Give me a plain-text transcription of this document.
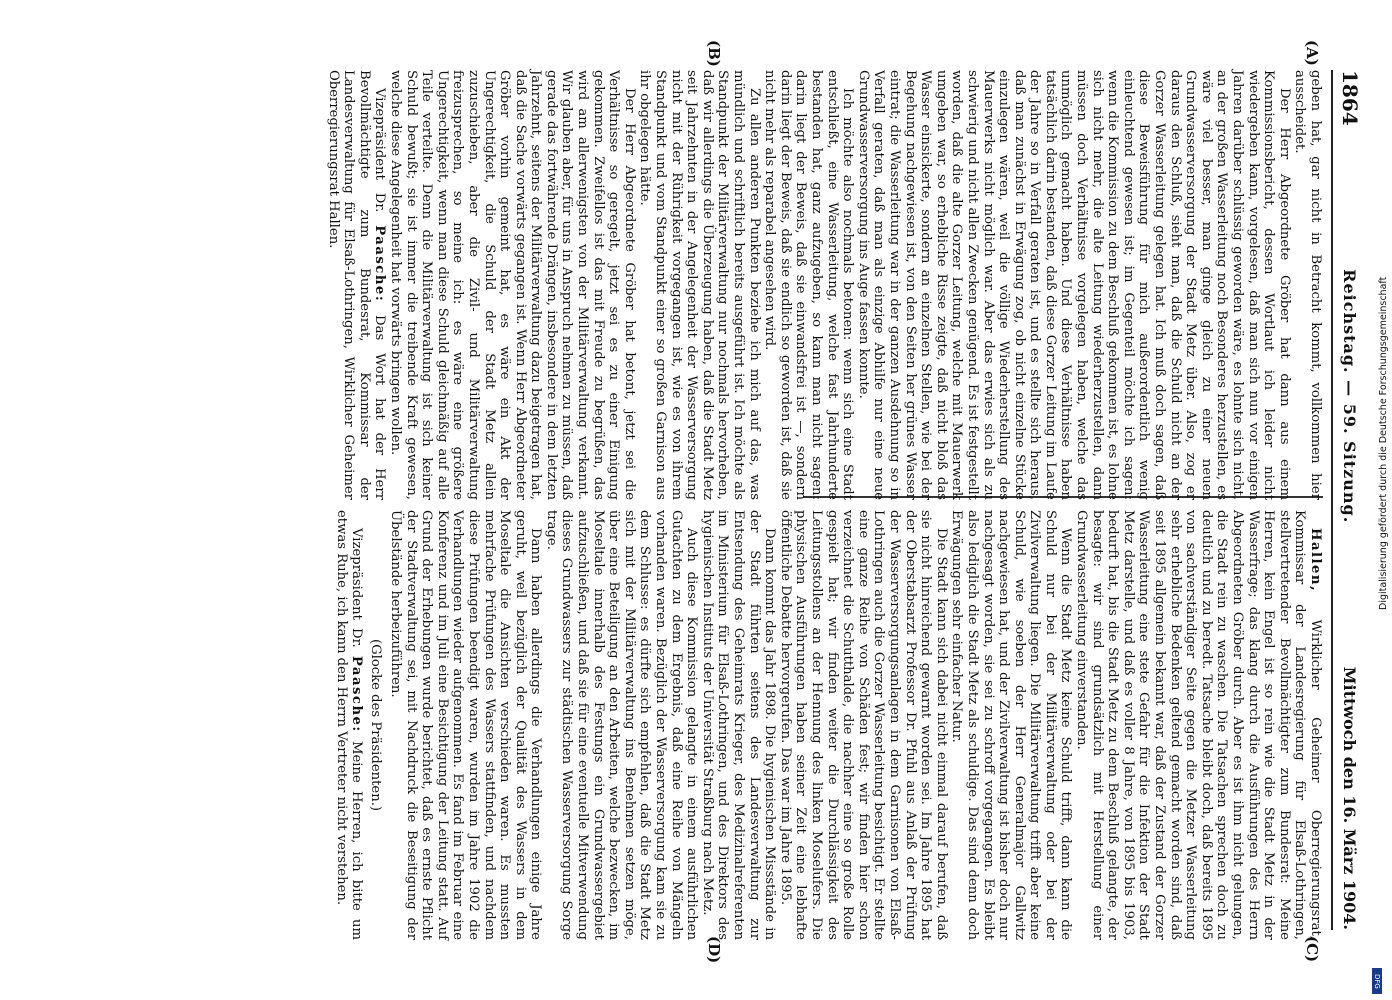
1864
Reichstag. — 59. Sitzung.
Mittwoch den 16. März 1904.
(A)
(B)
(C)
(D)

geben hat, gar nicht in Betracht kommt, vollkommen hier ausscheidet.

Der Herr Abgeordnete Gröber hat dann aus einem Kommissionsbericht, dessen Wortlaut ich leider nicht wiedergeben kann, vorgelesen, daß man sich nun vor einigen Jahren darüber schlüssig geworden wäre, es lohnte sich nicht, an der großen Wasserleitung noch Besonderes herzustellen, es wäre viel besser, man ginge gleich zu einer neuen Grundwasserversorgung der Stadt Metz über. Also, zog er daraus den Schluß, sieht man, daß die Schuld nicht an der Gorzer Wasserleitung gelegen hat. Ich muß doch sagen, daß diese Beweisführung für mich außerordentlich wenig einleuchtend gewesen ist; im Gegenteil möchte ich sagen: wenn die Kommission zu dem Beschluß gekommen ist, es lohne sich nicht mehr, die alte Leitung wiederherzustellen, dann müssen doch Verhältnisse vorgelegen haben, welche das unmöglich gemacht haben. Und diese Verhältnisse haben tatsächlich darin bestanden, daß diese Gorzer Leitung im Laufe der Jahre so in Verfall geraten ist, und es stellte sich heraus, daß man zunächst in Erwägung zog, ob nicht einzelne Stücke einzulegen wären, weil die völlige Wiederherstellung des Mauerwerks nicht möglich war. Aber das erwies sich als zu schwierig und nicht allen Zwecken genügend. Es ist festgestellt worden, daß die alte Gorzer Leitung, welche mit Mauerwerk umgeben war, so erhebliche Risse zeigte, daß nicht bloß das Wasser einsickerte, sondern an einzelnen Stellen, wie bei der Begehung nachgewiesen ist, von den Seiten her grünes Wasser eintrat; die Wasserleitung war in der ganzen Ausdehnung so in Verfall geraten, daß man als einzige Abhilfe nur eine neue Grundwasserversorgung ins Auge fassen konnte.

Ich möchte also nochmals betonen: wenn sich eine Stadt entschließt, eine Wasserleitung, welche fast Jahrhunderte bestanden hat, ganz aufzugeben, so kann man nicht sagen: darin liegt der Beweis, daß sie einwandsfrei ist —, sondern darin liegt der Beweis, daß sie endlich so geworden ist, daß sie nicht mehr als reparabel angesehen wird.

Zu allen anderen Punkten beziehe ich mich auf das, was mündlich und schriftlich bereits ausgeführt ist. Ich möchte als Standpunkt der Militärverwaltung nur nochmals hervorheben, daß wir allerdings die Überzeugung haben, daß die Stadt Metz seit Jahrzehnten in der Angelegenheit der Wasserversorgung nicht mit der Rührigkeit vorgegangen ist, wie es von ihrem Standpunkt und vom Standpunkt einer so großen Garnison aus ihr obgelegen hätte.

Der Herr Abgeordnete Gröber hat betont, jetzt sei die Verhältnisse so geregelt, jetzt sei es zu einer Einigung gekommen. Zweifellos ist das mit Freude zu begrüßen, das wird am allerwenigsten von der Militärverwaltung verkannt. Wir glauben aber, für uns in Anspruch nehmen zu müssen, daß gerade das fortwährende Drängen, insbesondere in dem letzten Jahrzehnt, seitens der Militärverwaltung dazu beigetragen hat, daß die Sache vorwärts gegangen ist. Wenn Herr Abgeordneter Gröber vorhin gemeint hat, es wäre ein Akt der Ungerechtigkeit, die Schuld der Stadt Metz allein zuzuschieben, aber die Zivil- und Militärverwaltung freizusprechen, so meine ich: es wäre eine größere Ungerechtigkeit, wenn man diese Schuld gleichmäßig auf alle Teile verteilte. Denn die Militärverwaltung ist sich keiner Schuld bewußt; sie ist immer die treibende Kraft gewesen, welche diese Angelegenheit hat vorwärts bringen wollen.

Vizepräsident Dr. Paasche: Das Wort hat der Herr Bevollmächtigte zum Bundesrat, Kommissar der Landesverwaltung für Elsaß-Lothringen, Wirklicher Geheimer Oberregierungsrat Hallen.

Hallen, Wirklicher Geheimer Oberregierungsrat, Kommissar der Landesregierung für Elsaß-Lothringen, stellvertretender Bevollmächtigter zum Bundesrat: Meine Herren, kein Engel ist so rein wie die Stadt Metz in der Wasserfrage; das klang durch die Ausführungen des Herrn Abgeordneten Gröber durch. Aber es ist ihm nicht gelungen, die Stadt rein zu waschen. Die Tatsachen sprechen doch zu deutlich und zu beredt. Tatsache bleibt doch, daß bereits 1895 von sachverständiger Seite gegen die Metzer Wasserleitung sehr erhebliche Bedenken geltend gemacht worden sind, daß seit 1895 allgemein bekannt war, daß der Zustand der Gorzer Wasserleitung eine stete Gefahr für die Infektion der Stadt Metz darstelle, und daß es voller 8 Jahre, von 1895 bis 1903, bedurft hat, bis die Stadt Metz zu dem Beschluß gelangte, der besagte: wir sind grundsätzlich mit Herstellung einer Grundwasserleitung einverstanden.

Wenn die Stadt Metz keine Schuld trifft, dann kann die Schuld nur bei der Militärverwaltung oder bei der Zivilverwaltung liegen. Die Militärverwaltung trifft aber keine Schuld, wie soeben der Herr Generalmajor Gallwitz nachgewiesen hat, und der Zivilverwaltung ist bisher doch nur nachgesagt worden, sie sei zu schroff vorgegangen. Es bleibt also lediglich die Stadt Metz als schuldige. Das sind denn doch Erwägungen sehr einfacher Natur.

Die Stadt kann sich dabei nicht einmal darauf berufen, daß sie nicht hinreichend gewarnt worden sei. Im Jahre 1895 hat der Oberstabsarzt Professor Dr. Pfuhl aus Anlaß der Prüfung der Wasserversorgungsanlagen in dem Garnisonen von Elsaß-Lothringen auch die Gorzer Wasserleitung besichtigt. Er stellte eine ganze Reihe von Schäden fest; wir finden hier schon verzeichnet die Schutthalde, die nachher eine so große Rolle gespielt hat; wir finden weiter die Durchlässigkeit des Leitungsstollens an der Hennung des linken Moselufers. Die physischen Ausführungen haben seiner Zeit eine lebhafte öffentliche Debatte hervorgerufen. Das war im Jahre 1895.

Dann kommt das Jahr 1898. Die hygienischen Missstände in der Stadt führten seitens des Landesverwaltung zur Entsendung des Geheimrats Krieger, des Medizinalreferenten im Ministerium für Elsaß-Lothringen, und des Direktors des hygienischen Instituts der Universität Straßburg nach Metz.

Auch diese Kommission gelangte in einem ausführlichen Gutachten zu dem Ergebnis, daß eine Reihe von Mängeln vorhanden waren. Bezüglich der Wasserversorgung kam sie zu dem Schlusse: es dürfte sich empfehlen, daß die Stadt Metz sich mit der Militärverwaltung ins Benehmen setzen möge, über eine Beteiligung an den Arbeiten, welche bezwecken, im Moseltale innerhalb des Festungs ein Grundwassergebiet aufzuschließen, und daß sie für eine eventuelle Mitverwendung dieses Grundwassers zur städtischen Wasserversorgung Sorge trage.

Dann haben allerdings die Verhandlungen einige Jahre geruht, weil bezüglich der Qualität des Wassers in dem Moseltale die Ansichten verschieden waren. Es mussten mehrfache Prüfungen des Wassers stattfinden, und nachdem diese Prüfungen beendigt waren, wurden im Jahre 1902 die Verhandlungen wieder aufgenommen. Es fand im Februar eine Konferenz und im Juli eine Besichtigung der Leitung statt. Auf Grund der Erhebungen wurde berichtet, daß es ernste Pflicht der Stadtverwaltung sei, mit Nachdruck die Beseitigung der Übelstände herbeizuführen.

(Glocke des Präsidenten.)

Vizepräsident Dr. Paasche: Meine Herren, ich bitte um etwas Ruhe, ich kann den Herrn Vertreter nicht verstehen.

Digitalisierung gefördert durch die Deutsche Forschungsgemeinschaft
DFG
